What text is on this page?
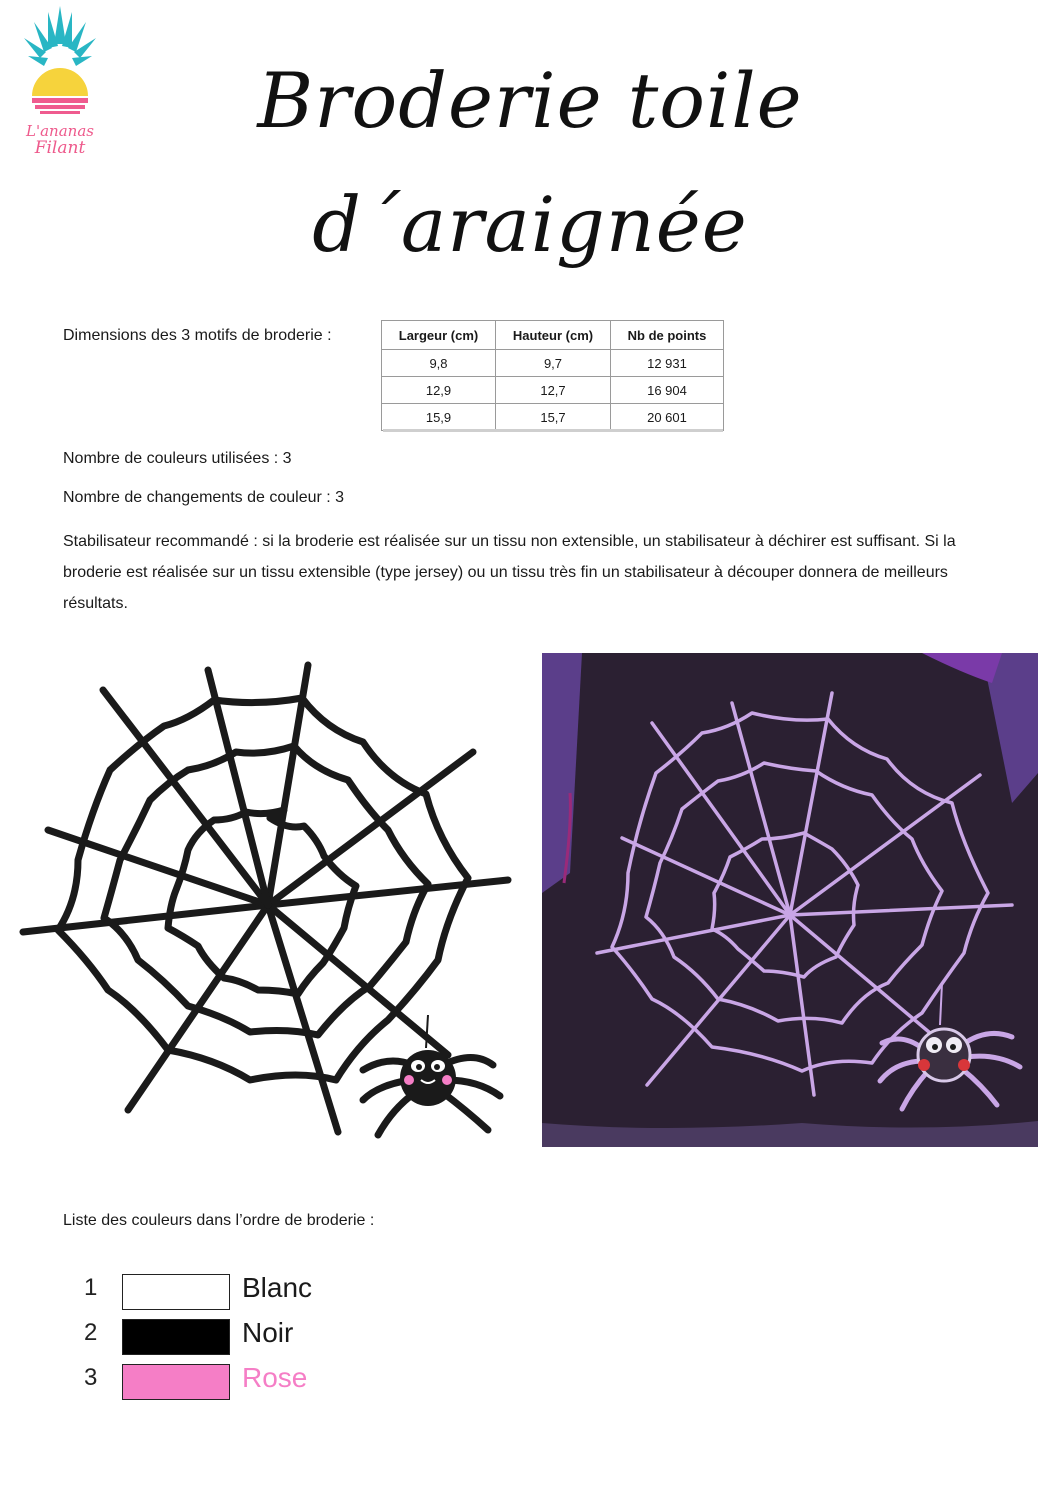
L'ananas
Filant
Broderie toile
d´araignée
Dimensions des 3 motifs de broderie :	Largeur (cm)	Hauteur (cm)	Nb de points
9,8	9,7	12 931
12,9	12,7	16 904
15,9	15,7	20 601
Nombre de couleurs utilisées : 3
Nombre de changements de couleur : 3
Stabilisateur recommandé : si la broderie est réalisée sur un tissu non extensible, un stabilisateur à déchirer est suffisant. Si la broderie est réalisée sur un tissu extensible (type jersey) ou un tissu très fin un stabilisateur à découper donnera de meilleurs résultats.
Liste des couleurs dans l’ordre de broderie :
1	Blanc
2	Noir
3	Rose
